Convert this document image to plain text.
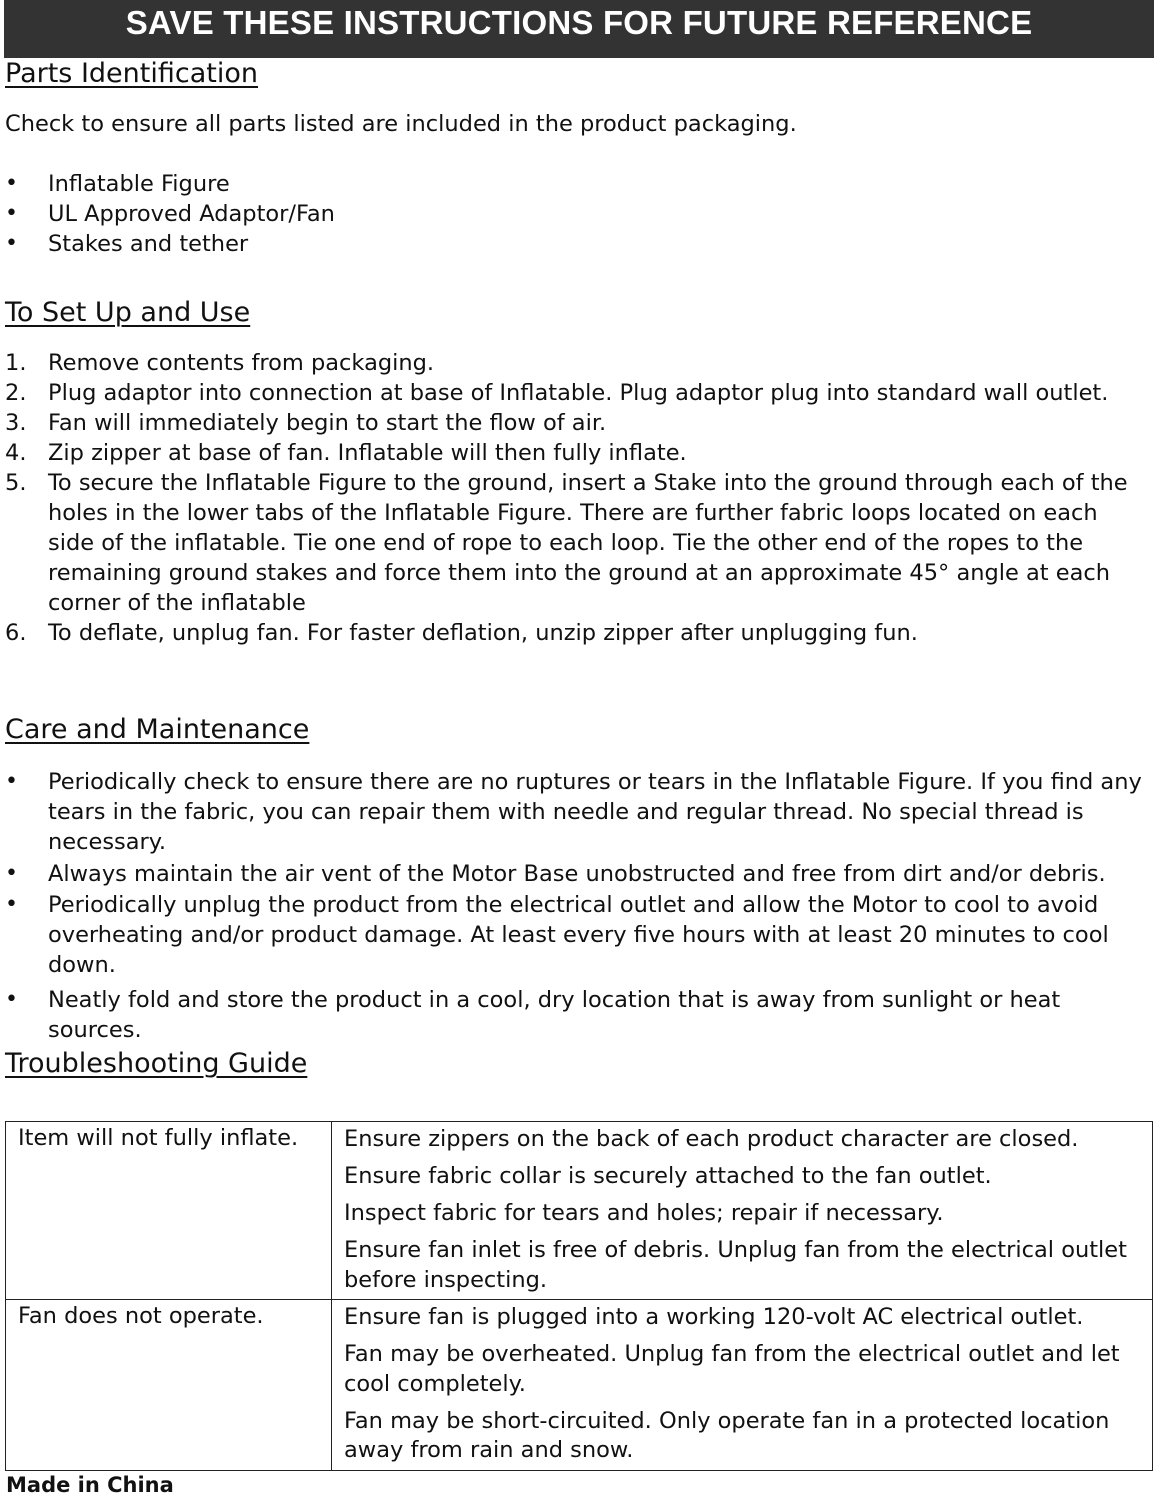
SAVE THESE INSTRUCTIONS FOR FUTURE REFERENCE
Parts Identification

Check to ensure all parts listed are included in the product packaging.

• Inflatable Figure
• UL Approved Adaptor/Fan
• Stakes and tether
To Set Up and Use
1. Remove contents from packaging.
2. Plug adaptor into connection at base of Inflatable. Plug adaptor plug into standard wall outlet.
3. Fan will immediately begin to start the flow of air.
4. Zip zipper at base of fan. Inflatable will then fully inflate.
5. To secure the Inflatable Figure to the ground, insert a Stake into the ground through each of the holes in the lower tabs of the Inflatable Figure. There are further fabric loops located on each side of the inflatable. Tie one end of rope to each loop. Tie the other end of the ropes to the remaining ground stakes and force them into the ground at an approximate 45° angle at each corner of the inflatable
6. To deflate, unplug fan. For faster deflation, unzip zipper after unplugging fun.
Care and Maintenance
• Periodically check to ensure there are no ruptures or tears in the Inflatable Figure. If you find any tears in the fabric, you can repair them with needle and regular thread. No special thread is necessary.
• Always maintain the air vent of the Motor Base unobstructed and free from dirt and/or debris.
• Periodically unplug the product from the electrical outlet and allow the Motor to cool to avoid overheating and/or product damage. At least every five hours with at least 20 minutes to cool down.
• Neatly fold and store the product in a cool, dry location that is away from sunlight or heat sources.
Troubleshooting Guide
Item will not fully inflate.	Ensure zippers on the back of each product character are closed.
Ensure fabric collar is securely attached to the fan outlet.
Inspect fabric for tears and holes; repair if necessary.
Ensure fan inlet is free of debris. Unplug fan from the electrical outlet before inspecting.

Fan does not operate.	Ensure fan is plugged into a working 120-volt AC electrical outlet.
Fan may be overheated. Unplug fan from the electrical outlet and let cool completely.
Fan may be short-circuited. Only operate fan in a protected location away from rain and snow.
Made in China
